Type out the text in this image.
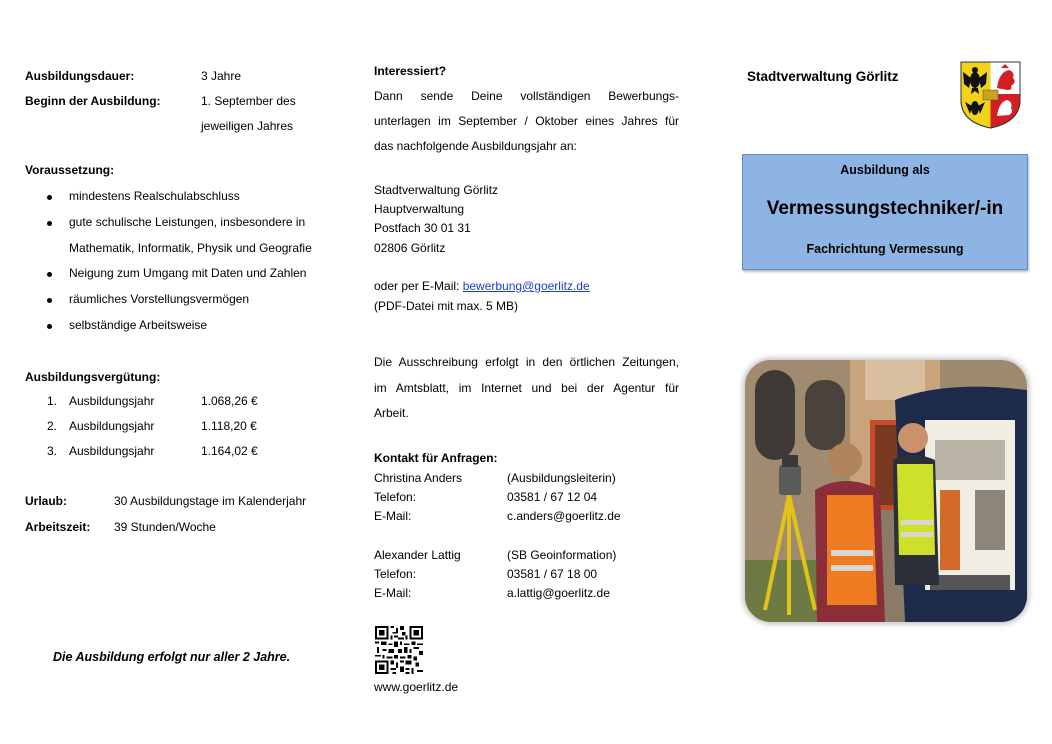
Ausbildungsdauer:	3 Jahre
Beginn der Ausbildung:	1. September des
jeweiligen Jahres
Voraussetzung:
mindestens Realschulabschluss
gute schulische Leistungen, insbesondere in
Mathematik, Informatik, Physik und Geografie
Neigung zum Umgang mit Daten und Zahlen
räumliches Vorstellungsvermögen
selbständige Arbeitsweise
Ausbildungsvergütung:
1. Ausbildungsjahr	1.068,26 €
2. Ausbildungsjahr	1.118,20 €
3. Ausbildungsjahr	1.164,02 €
Urlaub:	30 Ausbildungstage im Kalenderjahr
Arbeitszeit: 39 Stunden/Woche
Die Ausbildung erfolgt nur aller 2 Jahre.
Interessiert?
Dann sende Deine vollständigen Bewerbungs-
unterlagen im September / Oktober eines Jahres für
das nachfolgende Ausbildungsjahr an:
Stadtverwaltung Görlitz
Hauptverwaltung
Postfach 30 01 31
02806 Görlitz
oder per E-Mail: bewerbung@goerlitz.de
(PDF-Datei mit max. 5 MB)
Die Ausschreibung erfolgt in den örtlichen Zeitungen,
im Amtsblatt, im Internet und bei der Agentur für
Arbeit.
Kontakt für Anfragen:
Christina Anders	(Ausbildungsleiterin)
Telefon:	03581 / 67 12 04
E-Mail:	c.anders@goerlitz.de
Alexander Lattig	(SB Geoinformation)
Telefon:	03581 / 67 18 00
E-Mail:	a.lattig@goerlitz.de
www.goerlitz.de
Stadtverwaltung Görlitz
Ausbildung als
Vermessungstechniker/-in
Fachrichtung Vermessung
